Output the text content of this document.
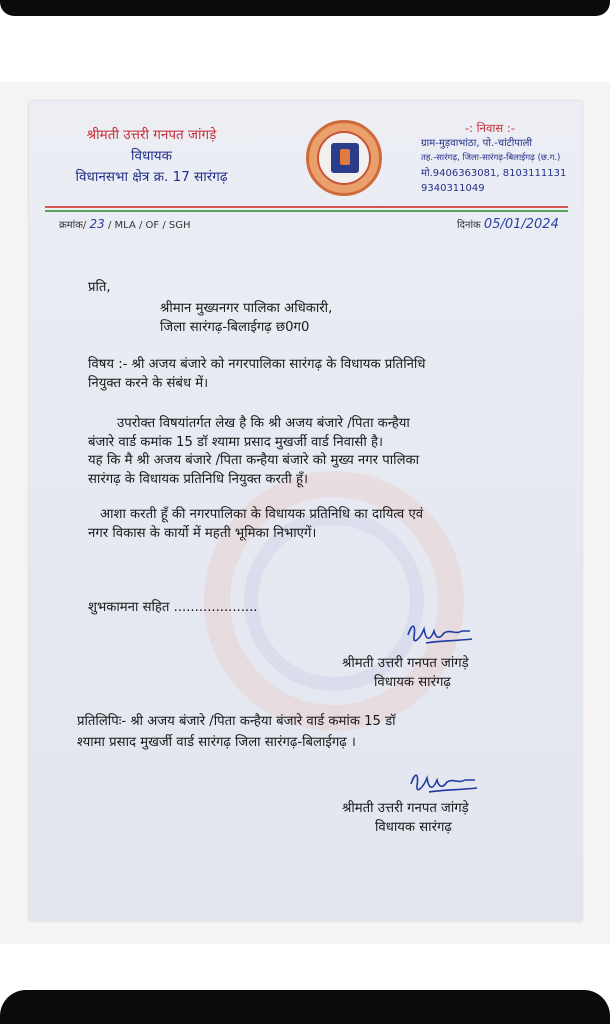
श्रीमती उत्तरी गनपत जांगड़े
विधायक
विधानसभा क्षेत्र क्र. 17 सारंगढ़
-: निवास :-
ग्राम-मुड़वाभांठा, पो.-चांटीपाली
तह.-सारंगढ़, जिला-सारंगढ़-बिलाईगढ़ (छ.ग.)
मो.9406363081, 8103111131
9340311049
क्रमांक/ 23 / MLA / OF / SGH	दिनांक 05/01/2024
प्रति,
श्रीमान मुख्यनगर पालिका अधिकारी,
जिला सारंगढ़-बिलाईगढ़ छ0ग0
विषय :- श्री अजय बंजारे को नगरपालिका सारंगढ़ के विधायक प्रतिनिधि
नियुक्त करने के संबंध में।
उपरोक्त विषयांतर्गत लेख है कि श्री अजय बंजारे /पिता कन्हैया
बंजारे वार्ड कमांक 15 डॉ श्यामा प्रसाद मुखर्जी वार्ड निवासी है।
यह कि मै श्री अजय बंजारे /पिता कन्हैया बंजारे को मुख्य नगर पालिका
सारंगढ़ के विधायक प्रतिनिधि नियुक्त करती हूँ।
आशा करती हूँ की नगरपालिका के विधायक प्रतिनिधि का दायित्व एवं
नगर विकास के कार्यो में महती भूमिका निभाएगें।
शुभकामना सहित ....................
श्रीमती उत्तरी गनपत जांगड़े
विधायक सारंगढ़
प्रतिलिपिः- श्री अजय बंजारे /पिता कन्हैया बंजारे वार्ड कमांक 15 डॉ
श्यामा प्रसाद मुखर्जी वार्ड सारंगढ़ जिला सारंगढ़-बिलाईगढ़ ।
श्रीमती उत्तरी गनपत जांगड़े
विधायक सारंगढ़
